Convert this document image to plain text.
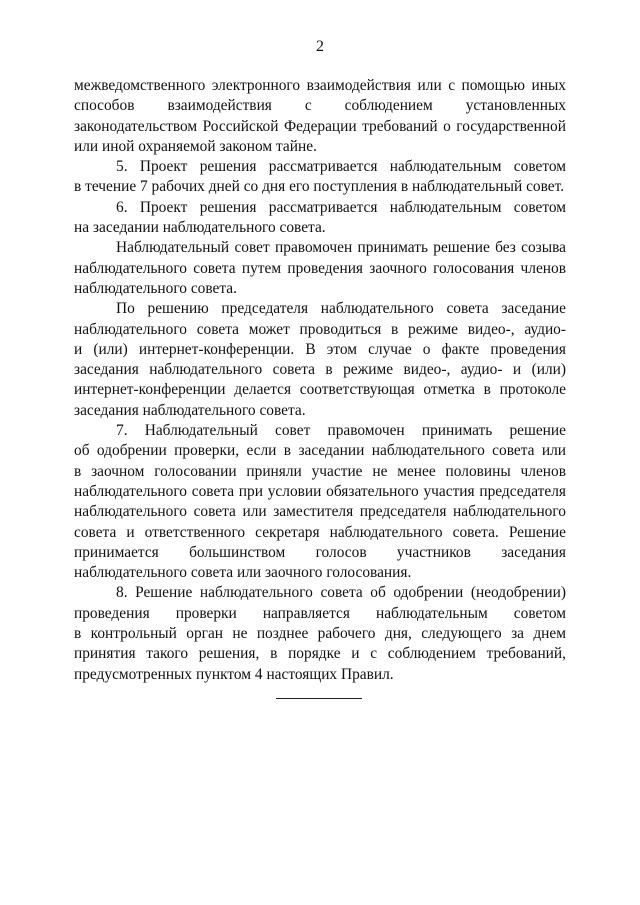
2

межведомственного электронного взаимодействия или с помощью иных
способов взаимодействия с соблюдением установленных
законодательством Российской Федерации требований о государственной
или иной охраняемой законом тайне.

5. Проект решения рассматривается наблюдательным советом
в течение 7 рабочих дней со дня его поступления в наблюдательный совет.

6. Проект решения рассматривается наблюдательным советом
на заседании наблюдательного совета.

Наблюдательный совет правомочен принимать решение без созыва
наблюдательного совета путем проведения заочного голосования членов
наблюдательного совета.

По решению председателя наблюдательного совета заседание
наблюдательного совета может проводиться в режиме видео-, аудио-
и (или) интернет-конференции. В этом случае о факте проведения
заседания наблюдательного совета в режиме видео-, аудио- и (или)
интернет-конференции делается соответствующая отметка в протоколе
заседания наблюдательного совета.

7. Наблюдательный совет правомочен принимать решение
об одобрении проверки, если в заседании наблюдательного совета или
в заочном голосовании приняли участие не менее половины членов
наблюдательного совета при условии обязательного участия председателя
наблюдательного совета или заместителя председателя наблюдательного
совета и ответственного секретаря наблюдательного совета. Решение
принимается большинством голосов участников заседания
наблюдательного совета или заочного голосования.

8. Решение наблюдательного совета об одобрении (неодобрении)
проведения проверки направляется наблюдательным советом
в контрольный орган не позднее рабочего дня, следующего за днем
принятия такого решения, в порядке и с соблюдением требований,
предусмотренных пунктом 4 настоящих Правил.
